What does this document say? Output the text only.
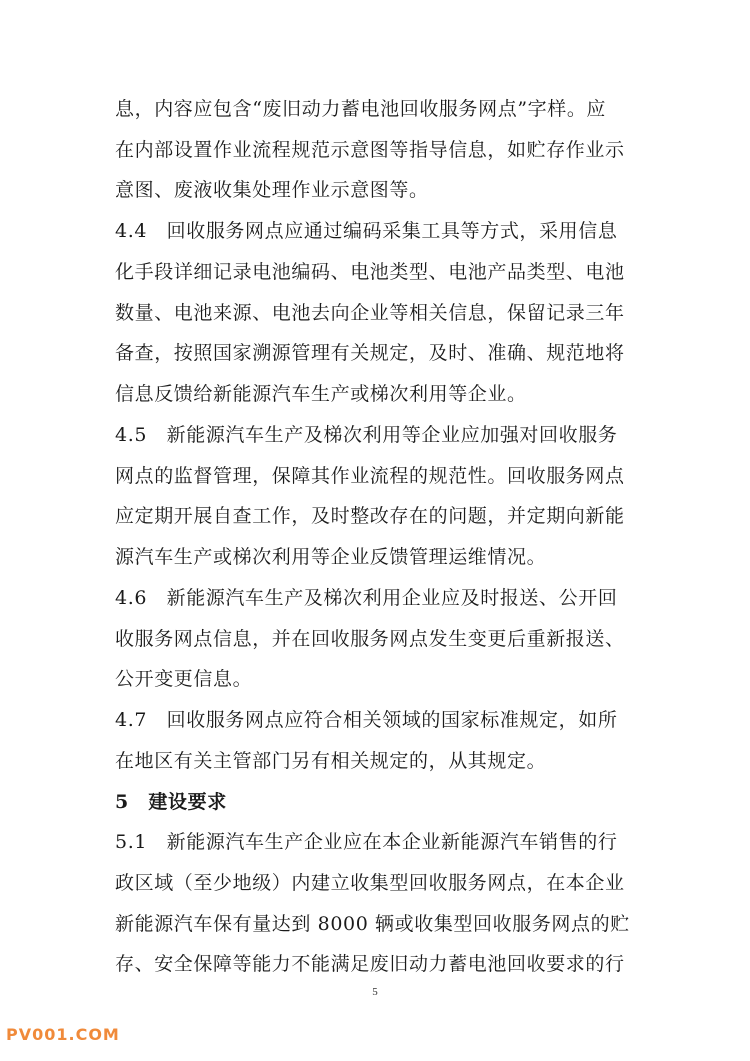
息，内容应包含“废旧动力蓄电池回收服务网点”字样。应
在内部设置作业流程规范示意图等指导信息，如贮存作业示
意图、废液收集处理作业示意图等。
4.4　回收服务网点应通过编码采集工具等方式，采用信息
化手段详细记录电池编码、电池类型、电池产品类型、电池
数量、电池来源、电池去向企业等相关信息，保留记录三年
备查，按照国家溯源管理有关规定，及时、准确、规范地将
信息反馈给新能源汽车生产或梯次利用等企业。
4.5　新能源汽车生产及梯次利用等企业应加强对回收服务
网点的监督管理，保障其作业流程的规范性。回收服务网点
应定期开展自查工作，及时整改存在的问题，并定期向新能
源汽车生产或梯次利用等企业反馈管理运维情况。
4.6　新能源汽车生产及梯次利用企业应及时报送、公开回
收服务网点信息，并在回收服务网点发生变更后重新报送、
公开变更信息。
4.7　回收服务网点应符合相关领域的国家标准规定，如所
在地区有关主管部门另有相关规定的，从其规定。
5　建设要求
5.1　新能源汽车生产企业应在本企业新能源汽车销售的行
政区域（至少地级）内建立收集型回收服务网点，在本企业
新能源汽车保有量达到 8000 辆或收集型回收服务网点的贮
存、安全保障等能力不能满足废旧动力蓄电池回收要求的行
5
PV001.COM
